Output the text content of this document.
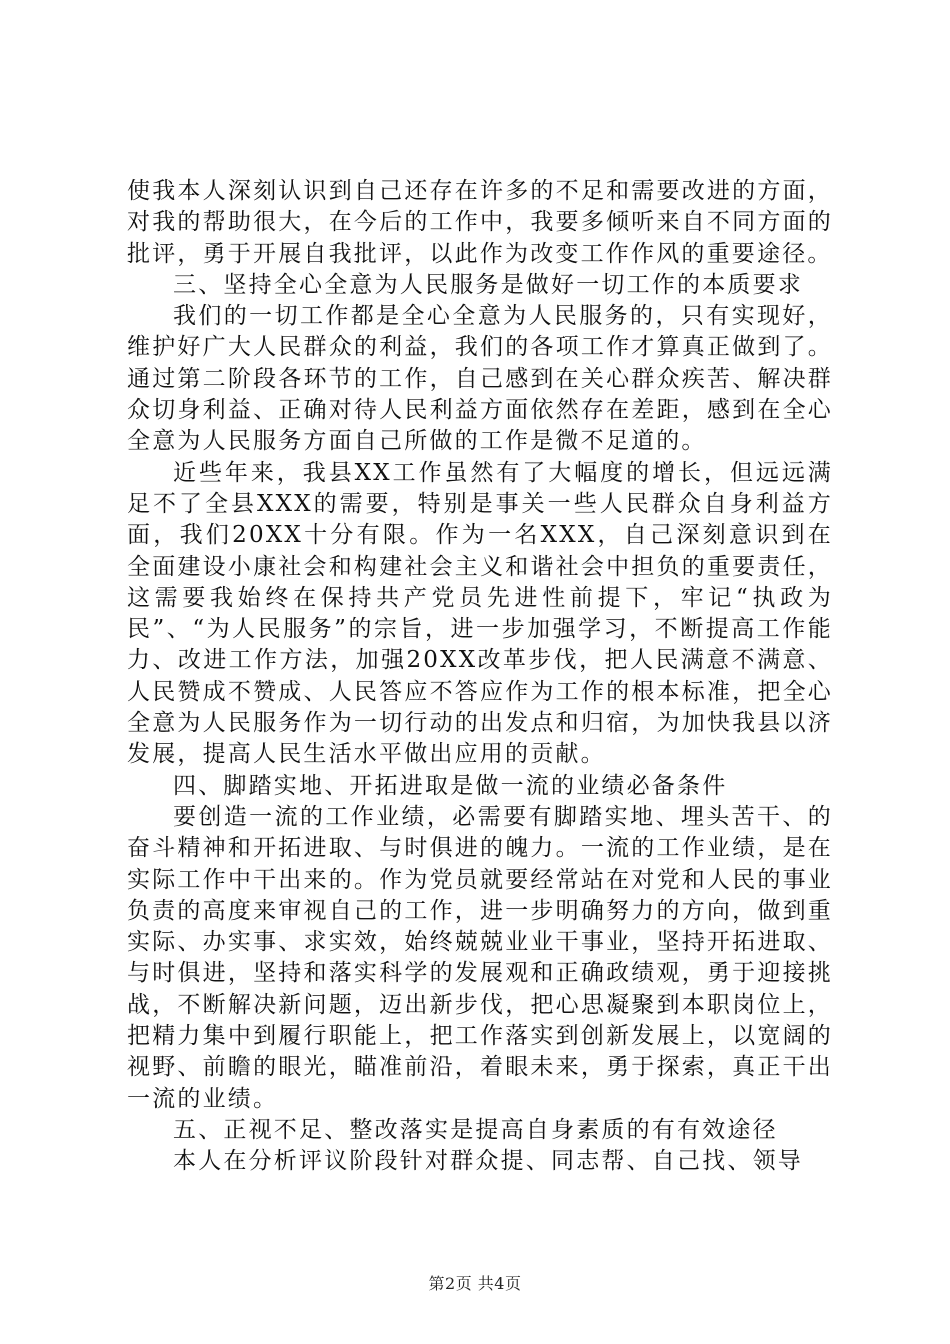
使我本人深刻认识到自己还存在许多的不足和需要改进的方面，对我的帮助很大，在今后的工作中，我要多倾听来自不同方面的批评，勇于开展自我批评，以此作为改变工作作风的重要途径。

三、坚持全心全意为人民服务是做好一切工作的本质要求

我们的一切工作都是全心全意为人民服务的，只有实现好，维护好广大人民群众的利益，我们的各项工作才算真正做到了。通过第二阶段各环节的工作，自己感到在关心群众疾苦、解决群众切身利益、正确对待人民利益方面依然存在差距，感到在全心全意为人民服务方面自己所做的工作是微不足道的。

近些年来，我县XX工作虽然有了大幅度的增长，但远远满足不了全县XXX的需要，特别是事关一些人民群众自身利益方面，我们20XX十分有限。作为一名XXX，自己深刻意识到在全面建设小康社会和构建社会主义和谐社会中担负的重要责任，这需要我始终在保持共产党员先进性前提下，牢记“执政为民”、“为人民服务”的宗旨，进一步加强学习，不断提高工作能力、改进工作方法，加强20XX改革步伐，把人民满意不满意、人民赞成不赞成、人民答应不答应作为工作的根本标准，把全心全意为人民服务作为一切行动的出发点和归宿，为加快我县以济发展，提高人民生活水平做出应用的贡献。

四、脚踏实地、开拓进取是做一流的业绩必备条件

要创造一流的工作业绩，必需要有脚踏实地、埋头苦干、的奋斗精神和开拓进取、与时俱进的魄力。一流的工作业绩，是在实际工作中干出来的。作为党员就要经常站在对党和人民的事业负责的高度来审视自己的工作，进一步明确努力的方向，做到重实际、办实事、求实效，始终兢兢业业干事业，坚持开拓进取、与时俱进，坚持和落实科学的发展观和正确政绩观，勇于迎接挑战，不断解决新问题，迈出新步伐，把心思凝聚到本职岗位上，把精力集中到履行职能上，把工作落实到创新发展上，以宽阔的视野、前瞻的眼光，瞄准前沿，着眼未来，勇于探索，真正干出一流的业绩。

五、正视不足、整改落实是提高自身素质的有有效途径

本人在分析评议阶段针对群众提、同志帮、自己找、领导

第2页 共4页
